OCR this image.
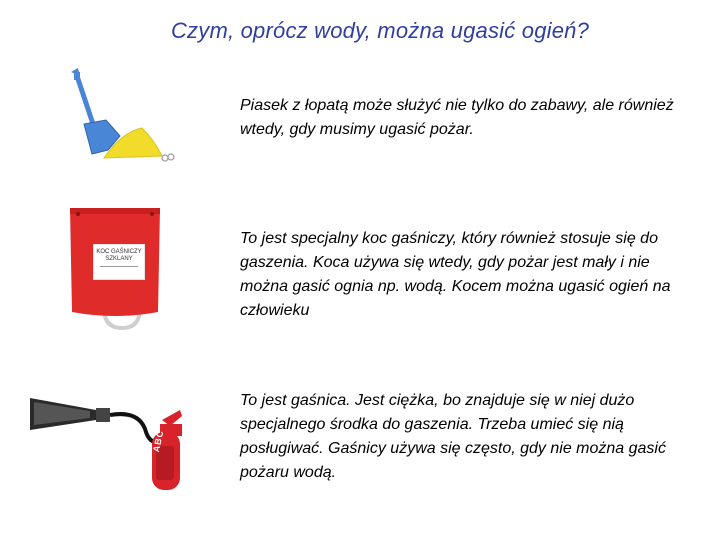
Czym, oprócz wody, można ugasić ogień?
Piasek z łopatą może służyć nie tylko do zabawy, ale również wtedy, gdy musimy ugasić pożar.
KOC GAŚNICZY
SZKLANY
To jest specjalny koc gaśniczy, który również stosuje się do gaszenia. Koca używa się wtedy, gdy pożar jest mały i nie można gasić ognia np. wodą. Kocem można ugasić ogień na człowieku
ABC
To jest gaśnica. Jest ciężka, bo znajduje się w niej dużo specjalnego środka do gaszenia. Trzeba umieć się nią posługiwać. Gaśnicy używa się często, gdy nie można gasić pożaru wodą.
